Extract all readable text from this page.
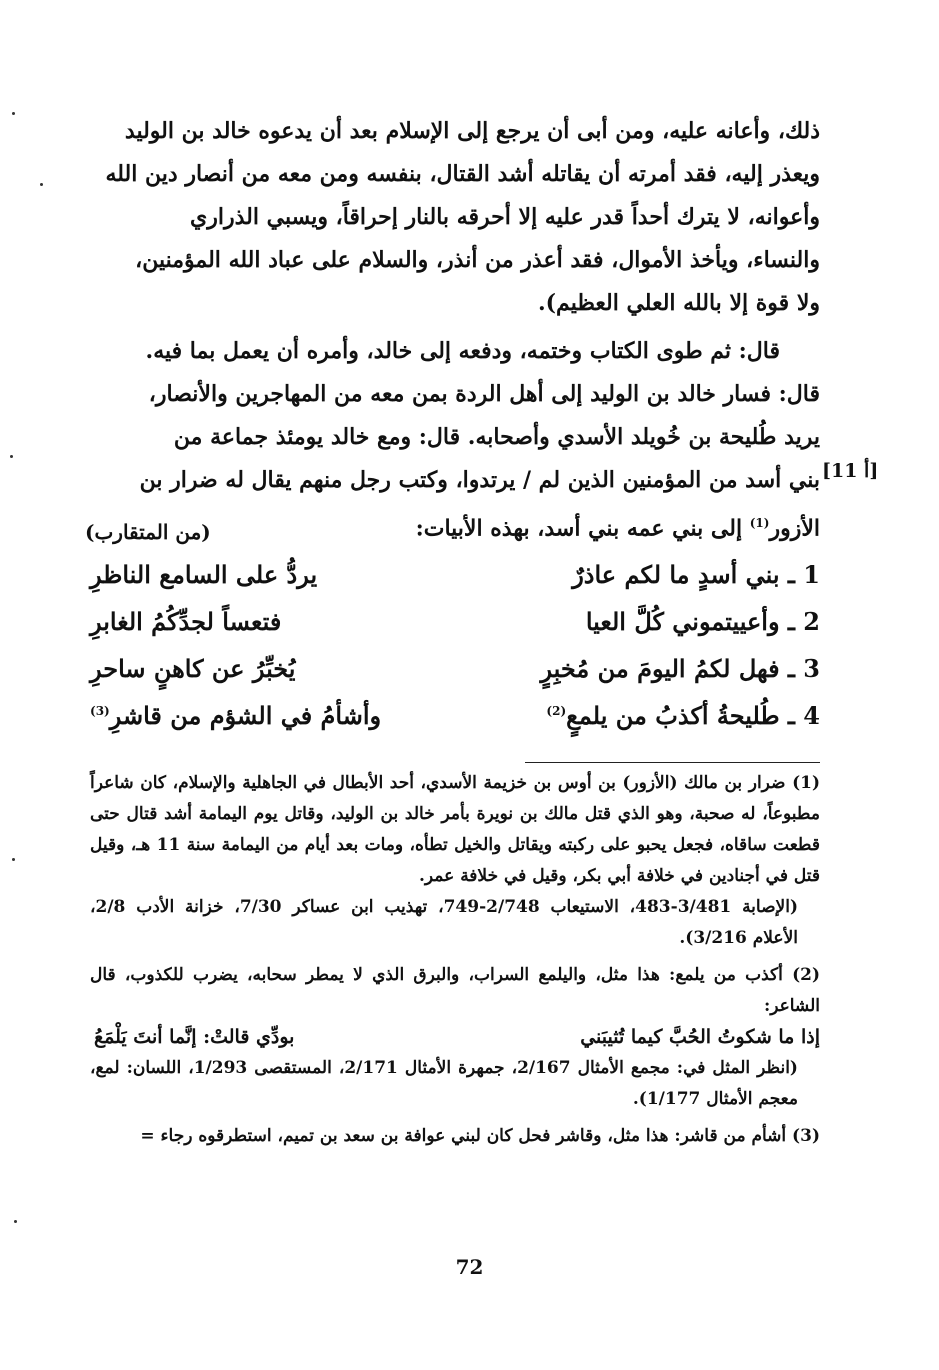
ذلك، وأعانه عليه، ومن أبى أن يرجع إلى الإسلام بعد أن يدعوه خالد بن الوليد
ويعذر إليه، فقد أمرته أن يقاتله أشد القتال، بنفسه ومن معه من أنصار دين الله
وأعوانه، لا يترك أحداً قدر عليه إلا أحرقه بالنار إحراقاً، ويسبي الذراري
والنساء، ويأخذ الأموال، فقد أعذر من أنذر، والسلام على عباد الله المؤمنين،
ولا قوة إلا بالله العلي العظيم).
قال: ثم طوى الكتاب وختمه، ودفعه إلى خالد، وأمره أن يعمل بما فيه.
قال: فسار خالد بن الوليد إلى أهل الردة بمن معه من المهاجرين والأنصار،
يريد طُليحة بن خُويلد الأسدي وأصحابه. قال: ومع خالد يومئذ جماعة من
بني أسد من المؤمنين الذين لم / يرتدوا، وكتب رجل منهم يقال له ضرار بن
الأزور$^{(1)}$ إلى بني عمه بني أسد، بهذه الأبيات:
[11 أ]
(من المتقارب)
1 ـ بني أسدٍ ما لكم عاذرٌ
يردُّ على السامع الناظرِ
2 ـ وأعييتموني كُلَّ العيا
فتعساً لجدِّكُمُ الغابرِ
3 ـ فهل لكمُ اليومَ من مُخبِرٍ
يُخبِّرُ عن كاهنٍ ساحرِ
4 ـ طُليحةُ أكذبُ من يلمعٍ$^{(2)}$
وأشأمُ في الشؤم من قاشرِ$^{(3)}$
(1) ضرار بن مالك (الأزور) بن أوس بن خزيمة الأسدي، أحد الأبطال في الجاهلية والإسلام، كان شاعراً مطبوعاً، له صحبة، وهو الذي قتل مالك بن نويرة بأمر خالد بن الوليد، وقاتل يوم اليمامة أشد قتال حتى قطعت ساقاه، فجعل يحبو على ركبته ويقاتل والخيل تطأه، ومات بعد أيام من اليمامة سنة 11 هـ، وقيل قتل في أجنادين في خلافة أبي بكر، وقيل في خلافة عمر.
(الإصابة 3/481-483، الاستيعاب 2/748-749، تهذيب ابن عساكر 7/30، خزانة الأدب 2/8، الأعلام 3/216).
(2) أكذب من يلمع: هذا مثل، واليلمع السراب، والبرق الذي لا يمطر سحابه، يضرب للكذوب، قال الشاعر:
إذا ما شكوتُ الحُبَّ كيما تُثيبَني
بودِّي قالتْ: إنَّما أنتَ يَلْمَعُ
(انظر المثل في: مجمع الأمثال 2/167، جمهرة الأمثال 2/171، المستقصى 1/293، اللسان: لمع، معجم الأمثال 1/177).
(3) أشأم من قاشر: هذا مثل، وقاشر فحل كان لبني عوافة بن سعد بن تميم، استطرقوه رجاء =
72
